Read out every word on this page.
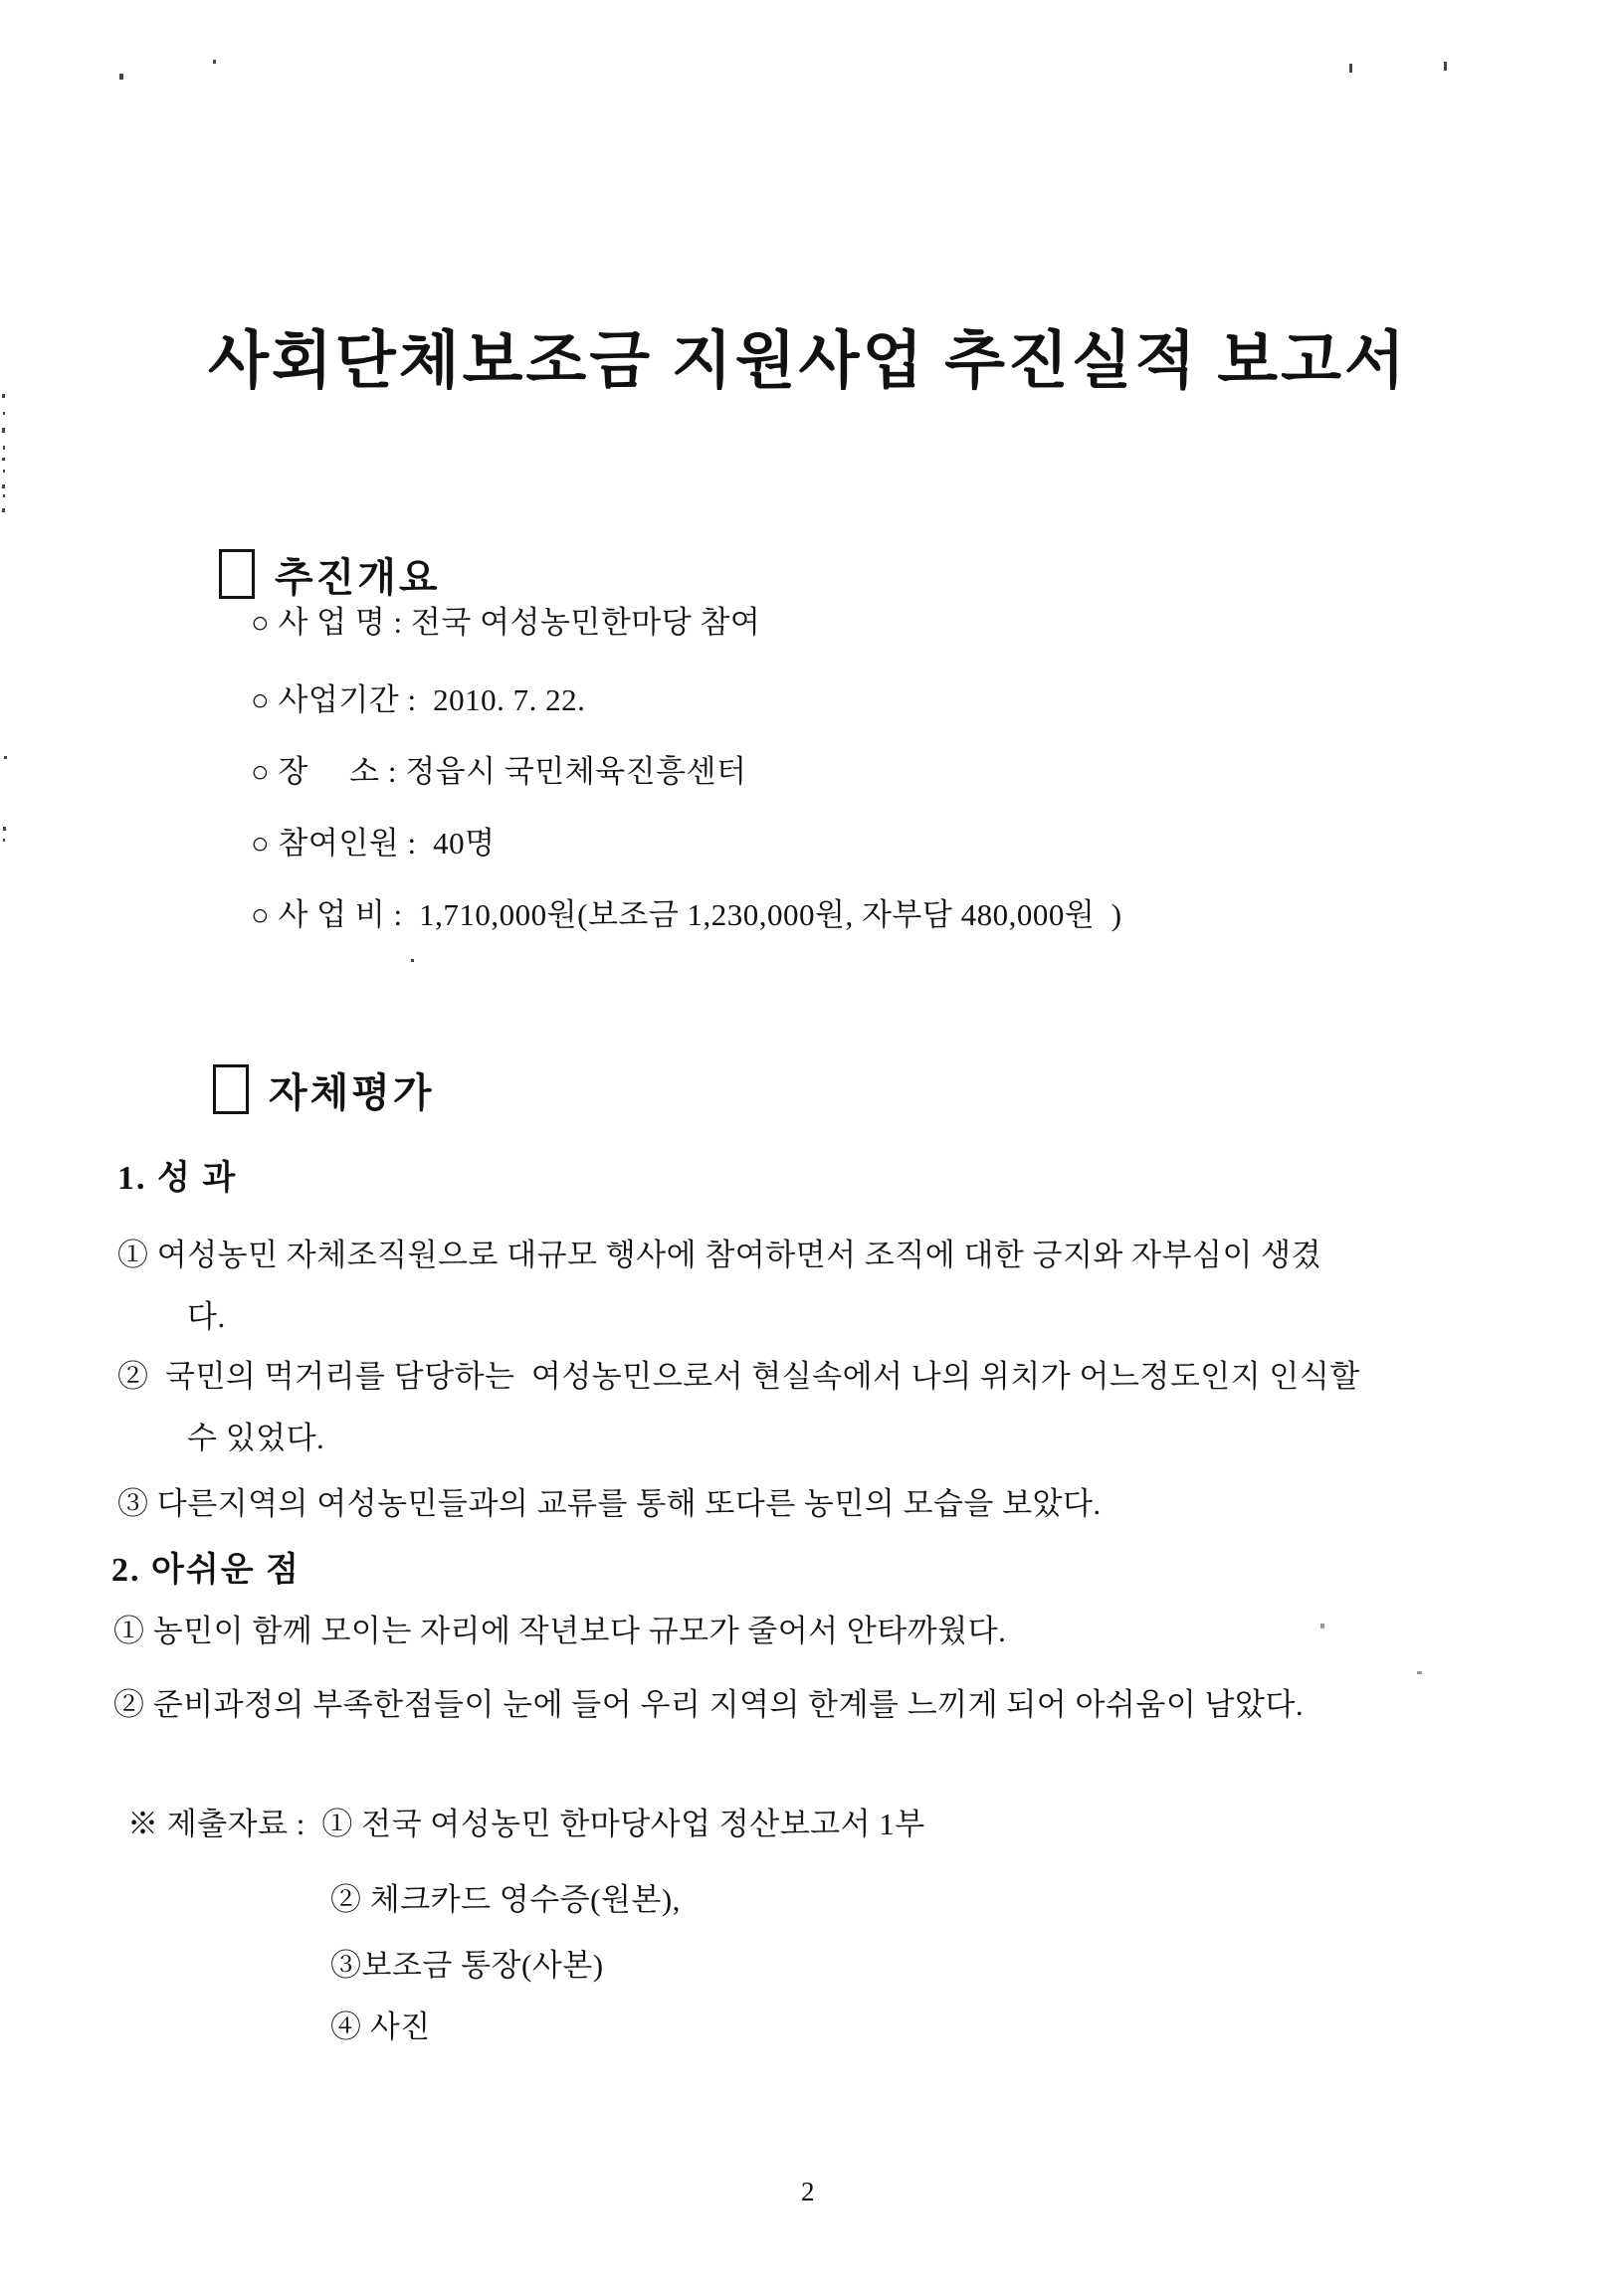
사회단체보조금 지원사업 추진실적 보고서

추진개요

○ 사 업 명 : 전국 여성농민한마당 참여
○ 사업기간 :  2010. 7. 22.
○ 장     소 : 정읍시 국민체육진흥센터
○ 참여인원 :  40명
○ 사 업 비 :  1,710,000원(보조금 1,230,000원, 자부담 480,000원  )

자체평가

1. 성 과
① 여성농민 자체조직원으로 대규모 행사에 참여하면서 조직에 대한 긍지와 자부심이 생겼
다.
②  국민의 먹거리를 담당하는  여성농민으로서 현실속에서 나의 위치가 어느정도인지 인식할
수 있었다.
③ 다른지역의 여성농민들과의 교류를 통해 또다른 농민의 모습을 보았다.
2. 아쉬운 점
① 농민이 함께 모이는 자리에 작년보다 규모가 줄어서 안타까웠다.
② 준비과정의 부족한점들이 눈에 들어 우리 지역의 한계를 느끼게 되어 아쉬움이 남았다.
※ 제출자료 :  ① 전국 여성농민 한마당사업 정산보고서 1부
② 체크카드 영수증(원본),
③보조금 통장(사본)
④ 사진
2
